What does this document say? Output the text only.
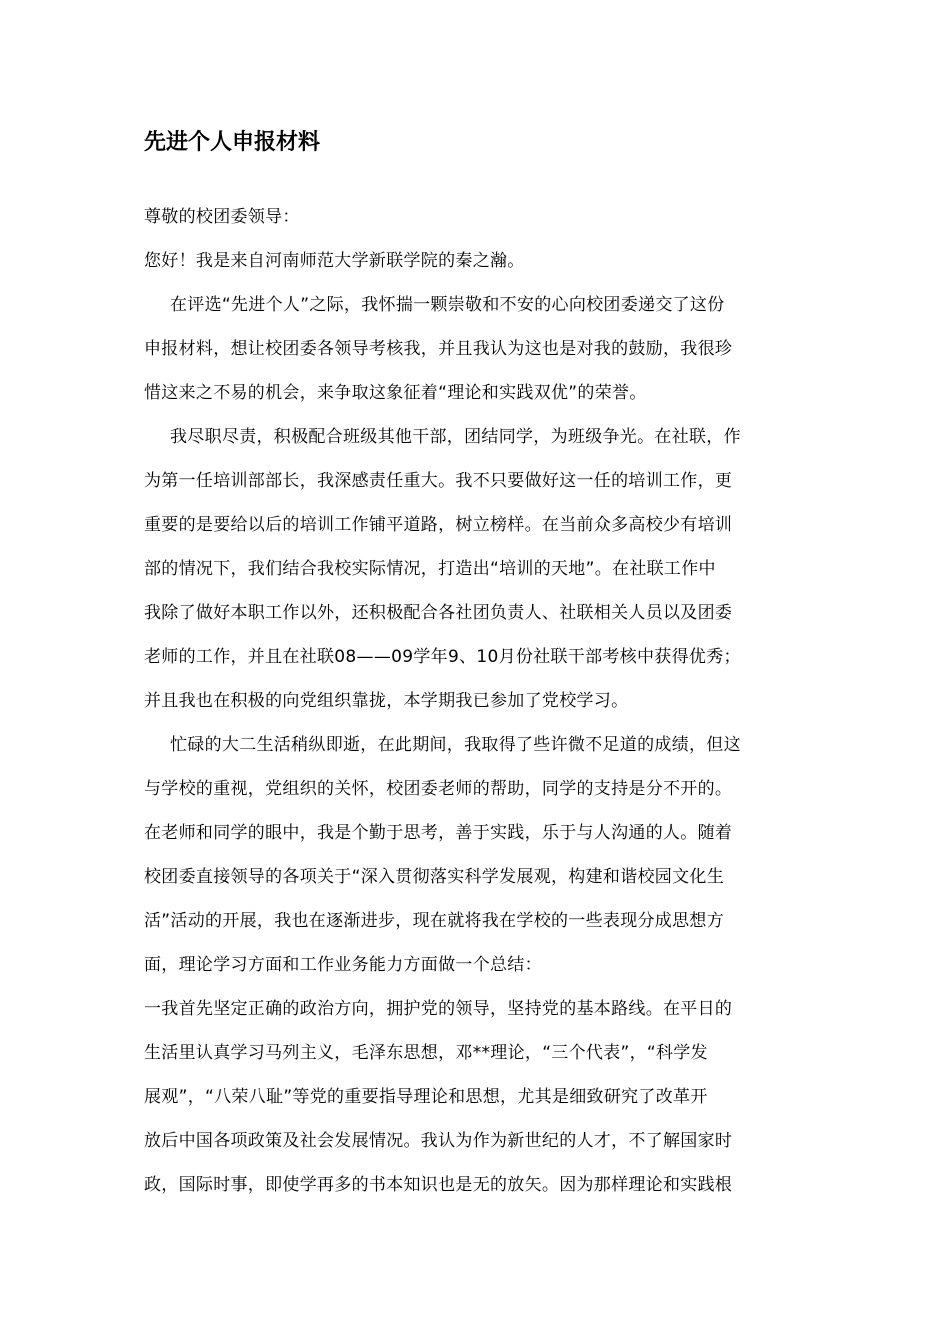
先进个人申报材料
尊敬的校团委领导：
您好！我是来自河南师范大学新联学院的秦之瀚。
在评选“先进个人”之际，我怀揣一颗崇敬和不安的心向校团委递交了这份
申报材料，想让校团委各领导考核我，并且我认为这也是对我的鼓励，我很珍
惜这来之不易的机会，来争取这象征着“理论和实践双优”的荣誉。
我尽职尽责，积极配合班级其他干部，团结同学，为班级争光。在社联，作
为第一任培训部部长，我深感责任重大。我不只要做好这一任的培训工作，更
重要的是要给以后的培训工作铺平道路，树立榜样。在当前众多高校少有培训
部的情况下，我们结合我校实际情况，打造出“培训的天地”。在社联工作中
我除了做好本职工作以外，还积极配合各社团负责人、社联相关人员以及团委
老师的工作，并且在社联08——09学年9、10月份社联干部考核中获得优秀；
并且我也在积极的向党组织靠拢，本学期我已参加了党校学习。
忙碌的大二生活稍纵即逝，在此期间，我取得了些许微不足道的成绩，但这
与学校的重视，党组织的关怀，校团委老师的帮助，同学的支持是分不开的。
在老师和同学的眼中，我是个勤于思考，善于实践，乐于与人沟通的人。随着
校团委直接领导的各项关于“深入贯彻落实科学发展观，构建和谐校园文化生
活”活动的开展，我也在逐渐进步，现在就将我在学校的一些表现分成思想方
面，理论学习方面和工作业务能力方面做一个总结：
一我首先坚定正确的政治方向，拥护党的领导，坚持党的基本路线。在平日的
生活里认真学习马列主义，毛泽东思想，邓**理论，“三个代表”，“科学发
展观”，“八荣八耻”等党的重要指导理论和思想，尤其是细致研究了改革开
放后中国各项政策及社会发展情况。我认为作为新世纪的人才，不了解国家时
政，国际时事，即使学再多的书本知识也是无的放矢。因为那样理论和实践根
